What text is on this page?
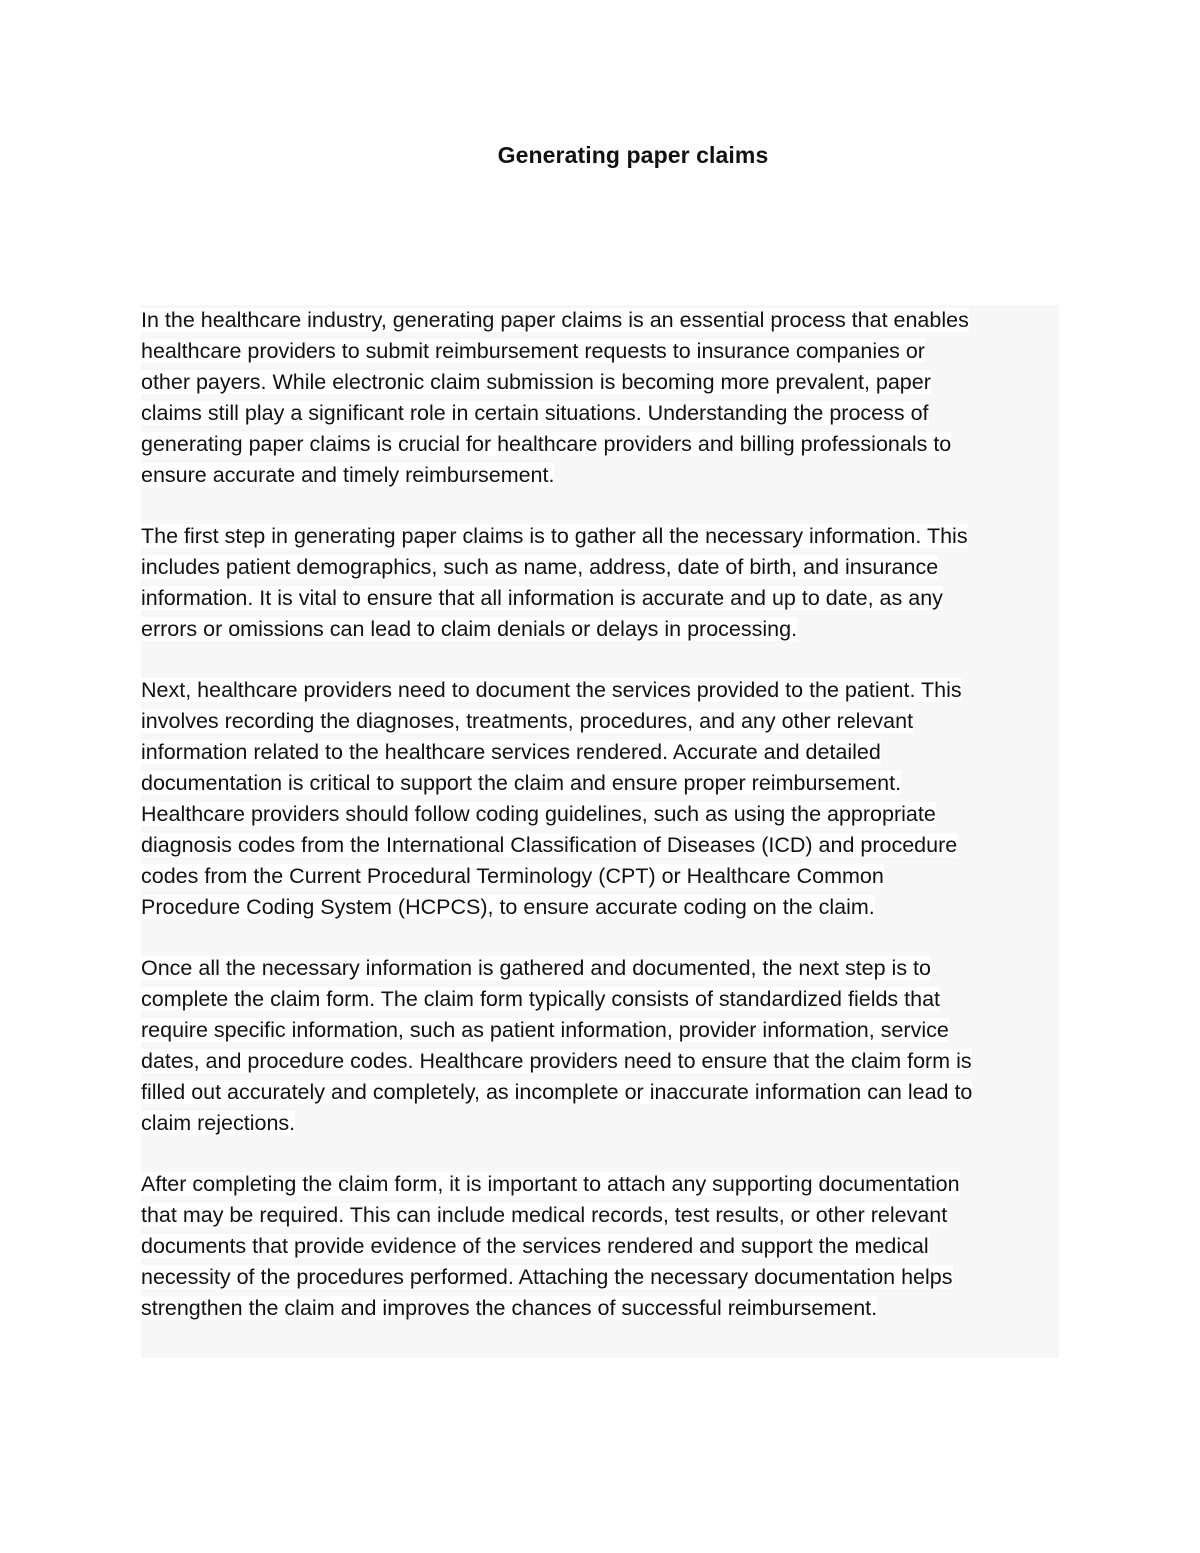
Generating paper claims

In the healthcare industry, generating paper claims is an essential process that enables
healthcare providers to submit reimbursement requests to insurance companies or
other payers. While electronic claim submission is becoming more prevalent, paper
claims still play a significant role in certain situations. Understanding the process of
generating paper claims is crucial for healthcare providers and billing professionals to
ensure accurate and timely reimbursement.

The first step in generating paper claims is to gather all the necessary information. This
includes patient demographics, such as name, address, date of birth, and insurance
information. It is vital to ensure that all information is accurate and up to date, as any
errors or omissions can lead to claim denials or delays in processing.

Next, healthcare providers need to document the services provided to the patient. This
involves recording the diagnoses, treatments, procedures, and any other relevant
information related to the healthcare services rendered. Accurate and detailed
documentation is critical to support the claim and ensure proper reimbursement.
Healthcare providers should follow coding guidelines, such as using the appropriate
diagnosis codes from the International Classification of Diseases (ICD) and procedure
codes from the Current Procedural Terminology (CPT) or Healthcare Common
Procedure Coding System (HCPCS), to ensure accurate coding on the claim.

Once all the necessary information is gathered and documented, the next step is to
complete the claim form. The claim form typically consists of standardized fields that
require specific information, such as patient information, provider information, service
dates, and procedure codes. Healthcare providers need to ensure that the claim form is
filled out accurately and completely, as incomplete or inaccurate information can lead to
claim rejections.

After completing the claim form, it is important to attach any supporting documentation
that may be required. This can include medical records, test results, or other relevant
documents that provide evidence of the services rendered and support the medical
necessity of the procedures performed. Attaching the necessary documentation helps
strengthen the claim and improves the chances of successful reimbursement.
